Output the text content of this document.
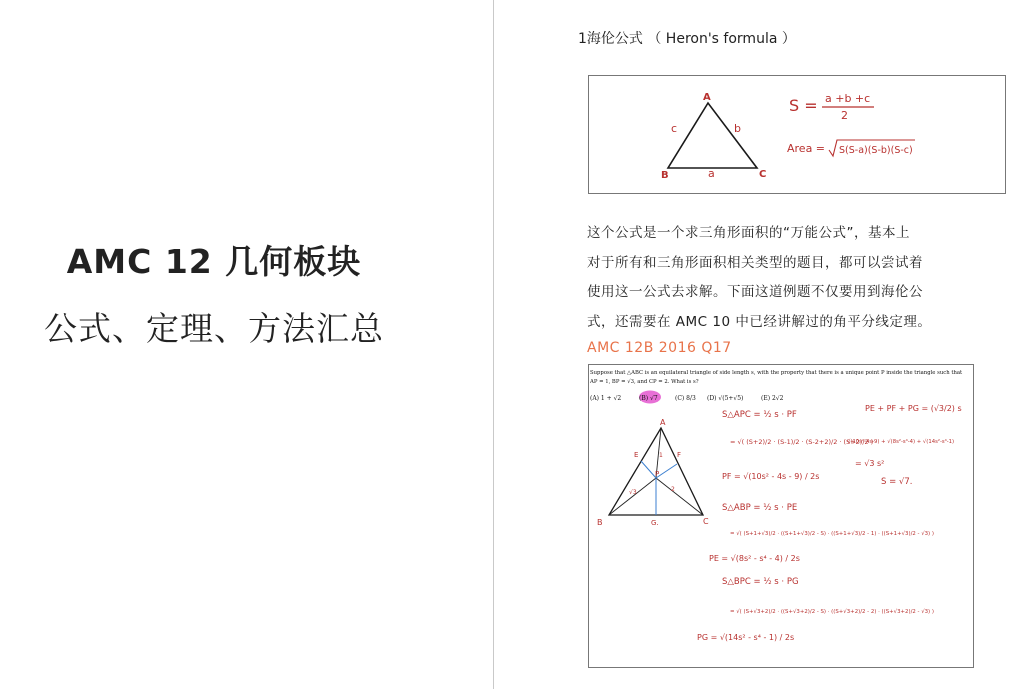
AMC 12 几何板块
公式、定理、方法汇总
1海伦公式 （ Heron's formula ）
A
B	C
a
b
c
S = a +b +c
2
Area = S(S-a)(S-b)(S-c)
这个公式是一个求三角形面积的“万能公式”，基本上
对于所有和三角形面积相关类型的题目，都可以尝试着
使用这一公式去求解。下面这道例题不仅要用到海伦公
式，还需要在 AMC 10 中已经讲解过的角平分线定理。
AMC 12B 2016 Q17
Suppose that △ABC is an equilateral triangle of side length s, with the property that there is a unique point P inside the triangle such that
AP = 1, BP = √3, and CP = 2. What is s?
(A) 1 + √2	(B) √7	(C) 8/3 (D) √(5+√5)	(E) 2√2
A
B	C
E	F
G.
P
1
2
√3
S△APC = ½ s · PF
= √( (S+2)/2 · (S-1)/2 · (S-2+2)/2 · (S+2)/2 )
PF = √(10s² - 4s - 9) / 2s
S△ABP = ½ s · PE
= √( (S+1+√3)/2 · ((S+1+√3)/2 - S) · ((S+1+√3)/2 - 1) · ((S+1+√3)/2 - √3) )
PE = √(8s² - s⁴ - 4) / 2s
S△BPC = ½ s · PG
= √( (S+√3+2)/2 · ((S+√3+2)/2 - S) · ((S+√3+2)/2 - 2) · ((S+√3+2)/2 - √3) )
PG = √(14s² - s⁴ - 1) / 2s
PE + PF + PG = (√3/2) s
√(10s²-4s-9) + √(8s²-s⁴-4) + √(14s²-s⁴-1)
= √3 s²
S = √7.
